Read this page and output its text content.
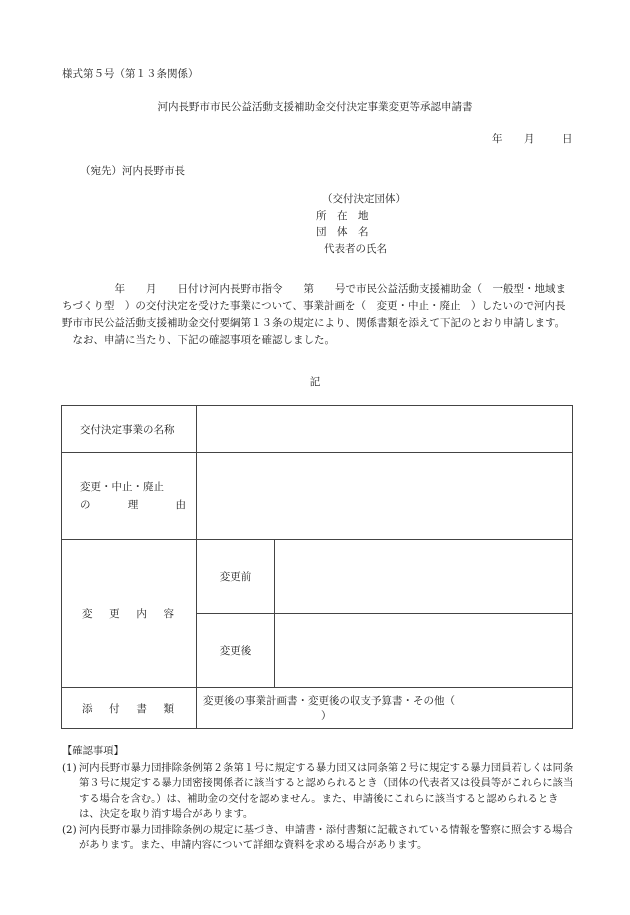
様式第５号（第１３条関係）
河内長野市市民公益活動支援補助金交付決定事業変更等承認申請書
年 月	日
（宛先）河内長野市長
（交付決定団体）
所　在　地
団　体　名
代表者の氏名

　　　　　年　　月　　日付け河内長野市指令　　第　　号で市民公益活動支援補助金（　一般型・地域まちづくり型　）の交付決定を受けた事業について、事業計画を（　変更・中止・廃止　）したいので河内長野市市民公益活動支援補助金交付要綱第１３条の規定により、関係書類を添えて下記のとおり申請します。

　なお、申請に当たり、下記の確認事項を確認しました。

記
交付決定事業の名称		

変更・中止・廃止
の 理 由		

変 更 内 容	変更前	
	変更後	

添 付 書 類	変更後の事業計画書・変更後の収支予算書・その他（）	
【確認事項】
(1) 河内長野市暴力団排除条例第２条第１号に規定する暴力団又は同条第２号に規定する暴力団員若しくは同条第３号に規定する暴力団密接関係者に該当すると認められるとき（団体の代表者又は役員等がこれらに該当する場合を含む。）は、補助金の交付を認めません。また、申請後にこれらに該当すると認められるときは、決定を取り消す場合があります。
(2) 河内長野市暴力団排除条例の規定に基づき、申請書・添付書類に記載されている情報を警察に照会する場合があります。また、申請内容について詳細な資料を求める場合があります。
